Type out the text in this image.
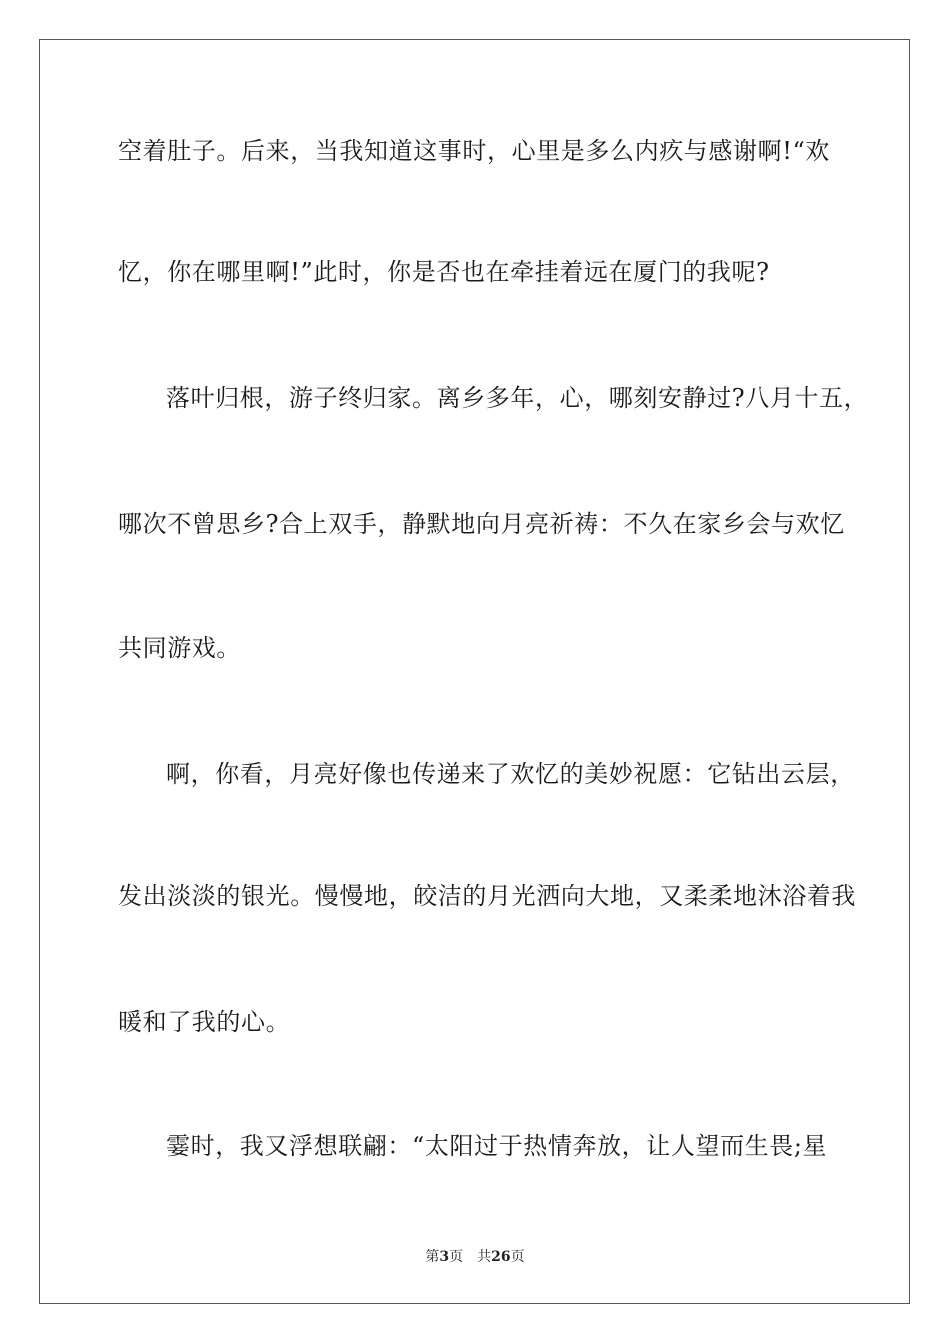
空着肚子。后来，当我知道这事时，心里是多么内疚与感谢啊!“欢
忆，你在哪里啊!”此时，你是否也在牵挂着远在厦门的我呢?
落叶归根，游子终归家。离乡多年，心，哪刻安静过?八月十五，
哪次不曾思乡?合上双手，静默地向月亮祈祷：不久在家乡会与欢忆
共同游戏。
啊，你看，月亮好像也传递来了欢忆的美妙祝愿：它钻出云层，
发出淡淡的银光。慢慢地，皎洁的月光洒向大地，又柔柔地沐浴着我
暖和了我的心。
霎时，我又浮想联翩：“太阳过于热情奔放，让人望而生畏;星
第3页 共26页
